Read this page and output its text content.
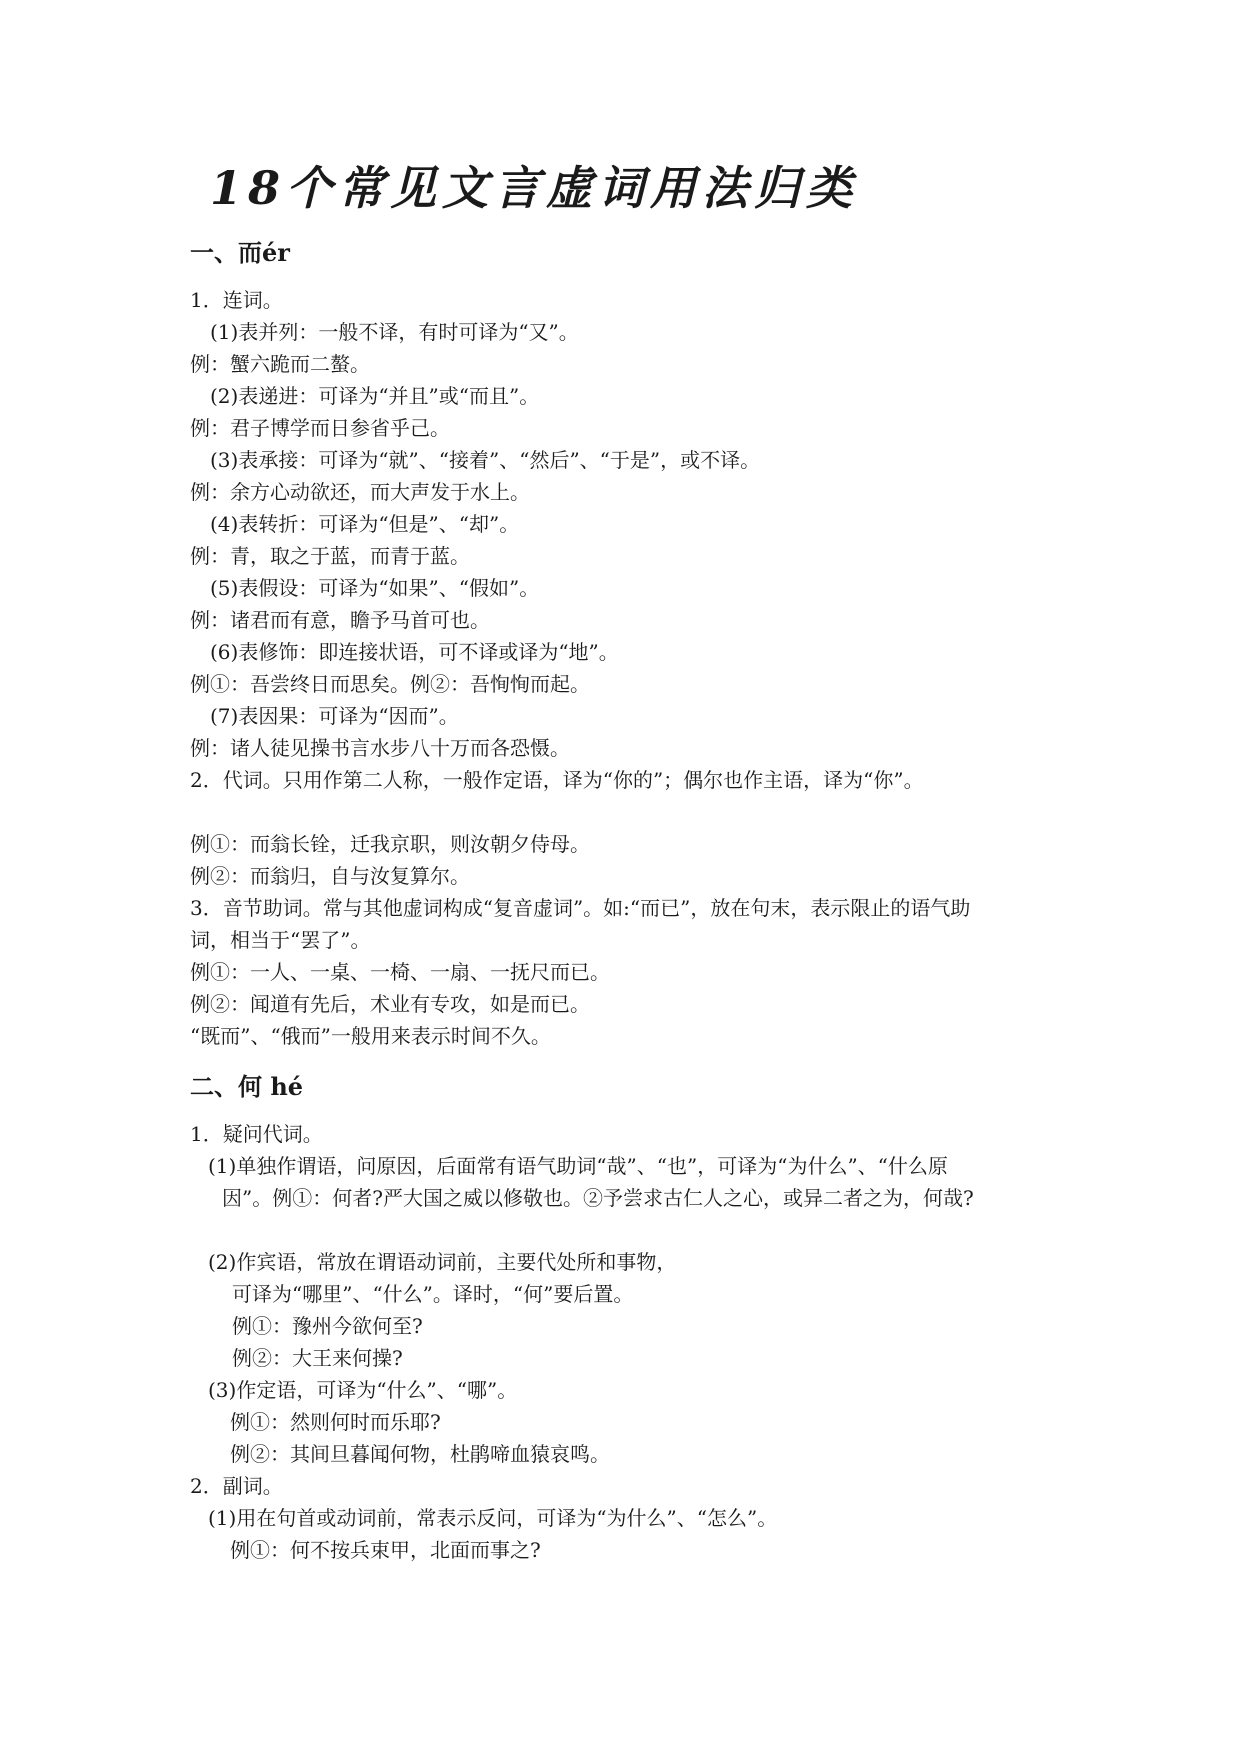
18个常见文言虚词用法归类
一、而ér
1．连词。
(1)表并列：一般不译，有时可译为“又”。
例：蟹六跪而二螯。
(2)表递进：可译为“并且”或“而且”。
例：君子博学而日参省乎己。
(3)表承接：可译为“就”、“接着”、“然后”、“于是”，或不译。
例：余方心动欲还，而大声发于水上。
(4)表转折：可译为“但是”、“却”。
例：青，取之于蓝，而青于蓝。
(5)表假设：可译为“如果”、“假如”。
例：诸君而有意，瞻予马首可也。
(6)表修饰：即连接状语，可不译或译为“地”。
例①：吾尝终日而思矣。例②：吾恂恂而起。
(7)表因果：可译为“因而”。
例：诸人徒见操书言水步八十万而各恐慑。
2．代词。只用作第二人称，一般作定语，译为“你的”；偶尔也作主语，译为“你”。
例①：而翁长铨，迁我京职，则汝朝夕侍母。
例②：而翁归，自与汝复算尔。
3．音节助词。常与其他虚词构成“复音虚词”。如:“而已”，放在句末，表示限止的语气助
词，相当于“罢了”。
例①：一人、一桌、一椅、一扇、一抚尺而已。
例②：闻道有先后，术业有专攻，如是而已。
“既而”、“俄而”一般用来表示时间不久。
二、何 hé
1．疑问代词。
(1)单独作谓语，问原因，后面常有语气助词“哉”、“也”，可译为“为什么”、“什么原
因”。例①：何者?严大国之威以修敬也。②予尝求古仁人之心，或异二者之为，何哉?
(2)作宾语，常放在谓语动词前，主要代处所和事物，
可译为“哪里”、“什么”。译时，“何”要后置。
例①：豫州今欲何至?
例②：大王来何操?
(3)作定语，可译为“什么”、“哪”。
例①：然则何时而乐耶?
例②：其间旦暮闻何物，杜鹃啼血猿哀鸣。
2．副词。
(1)用在句首或动词前，常表示反问，可译为“为什么”、“怎么”。
例①：何不按兵束甲，北面而事之?
